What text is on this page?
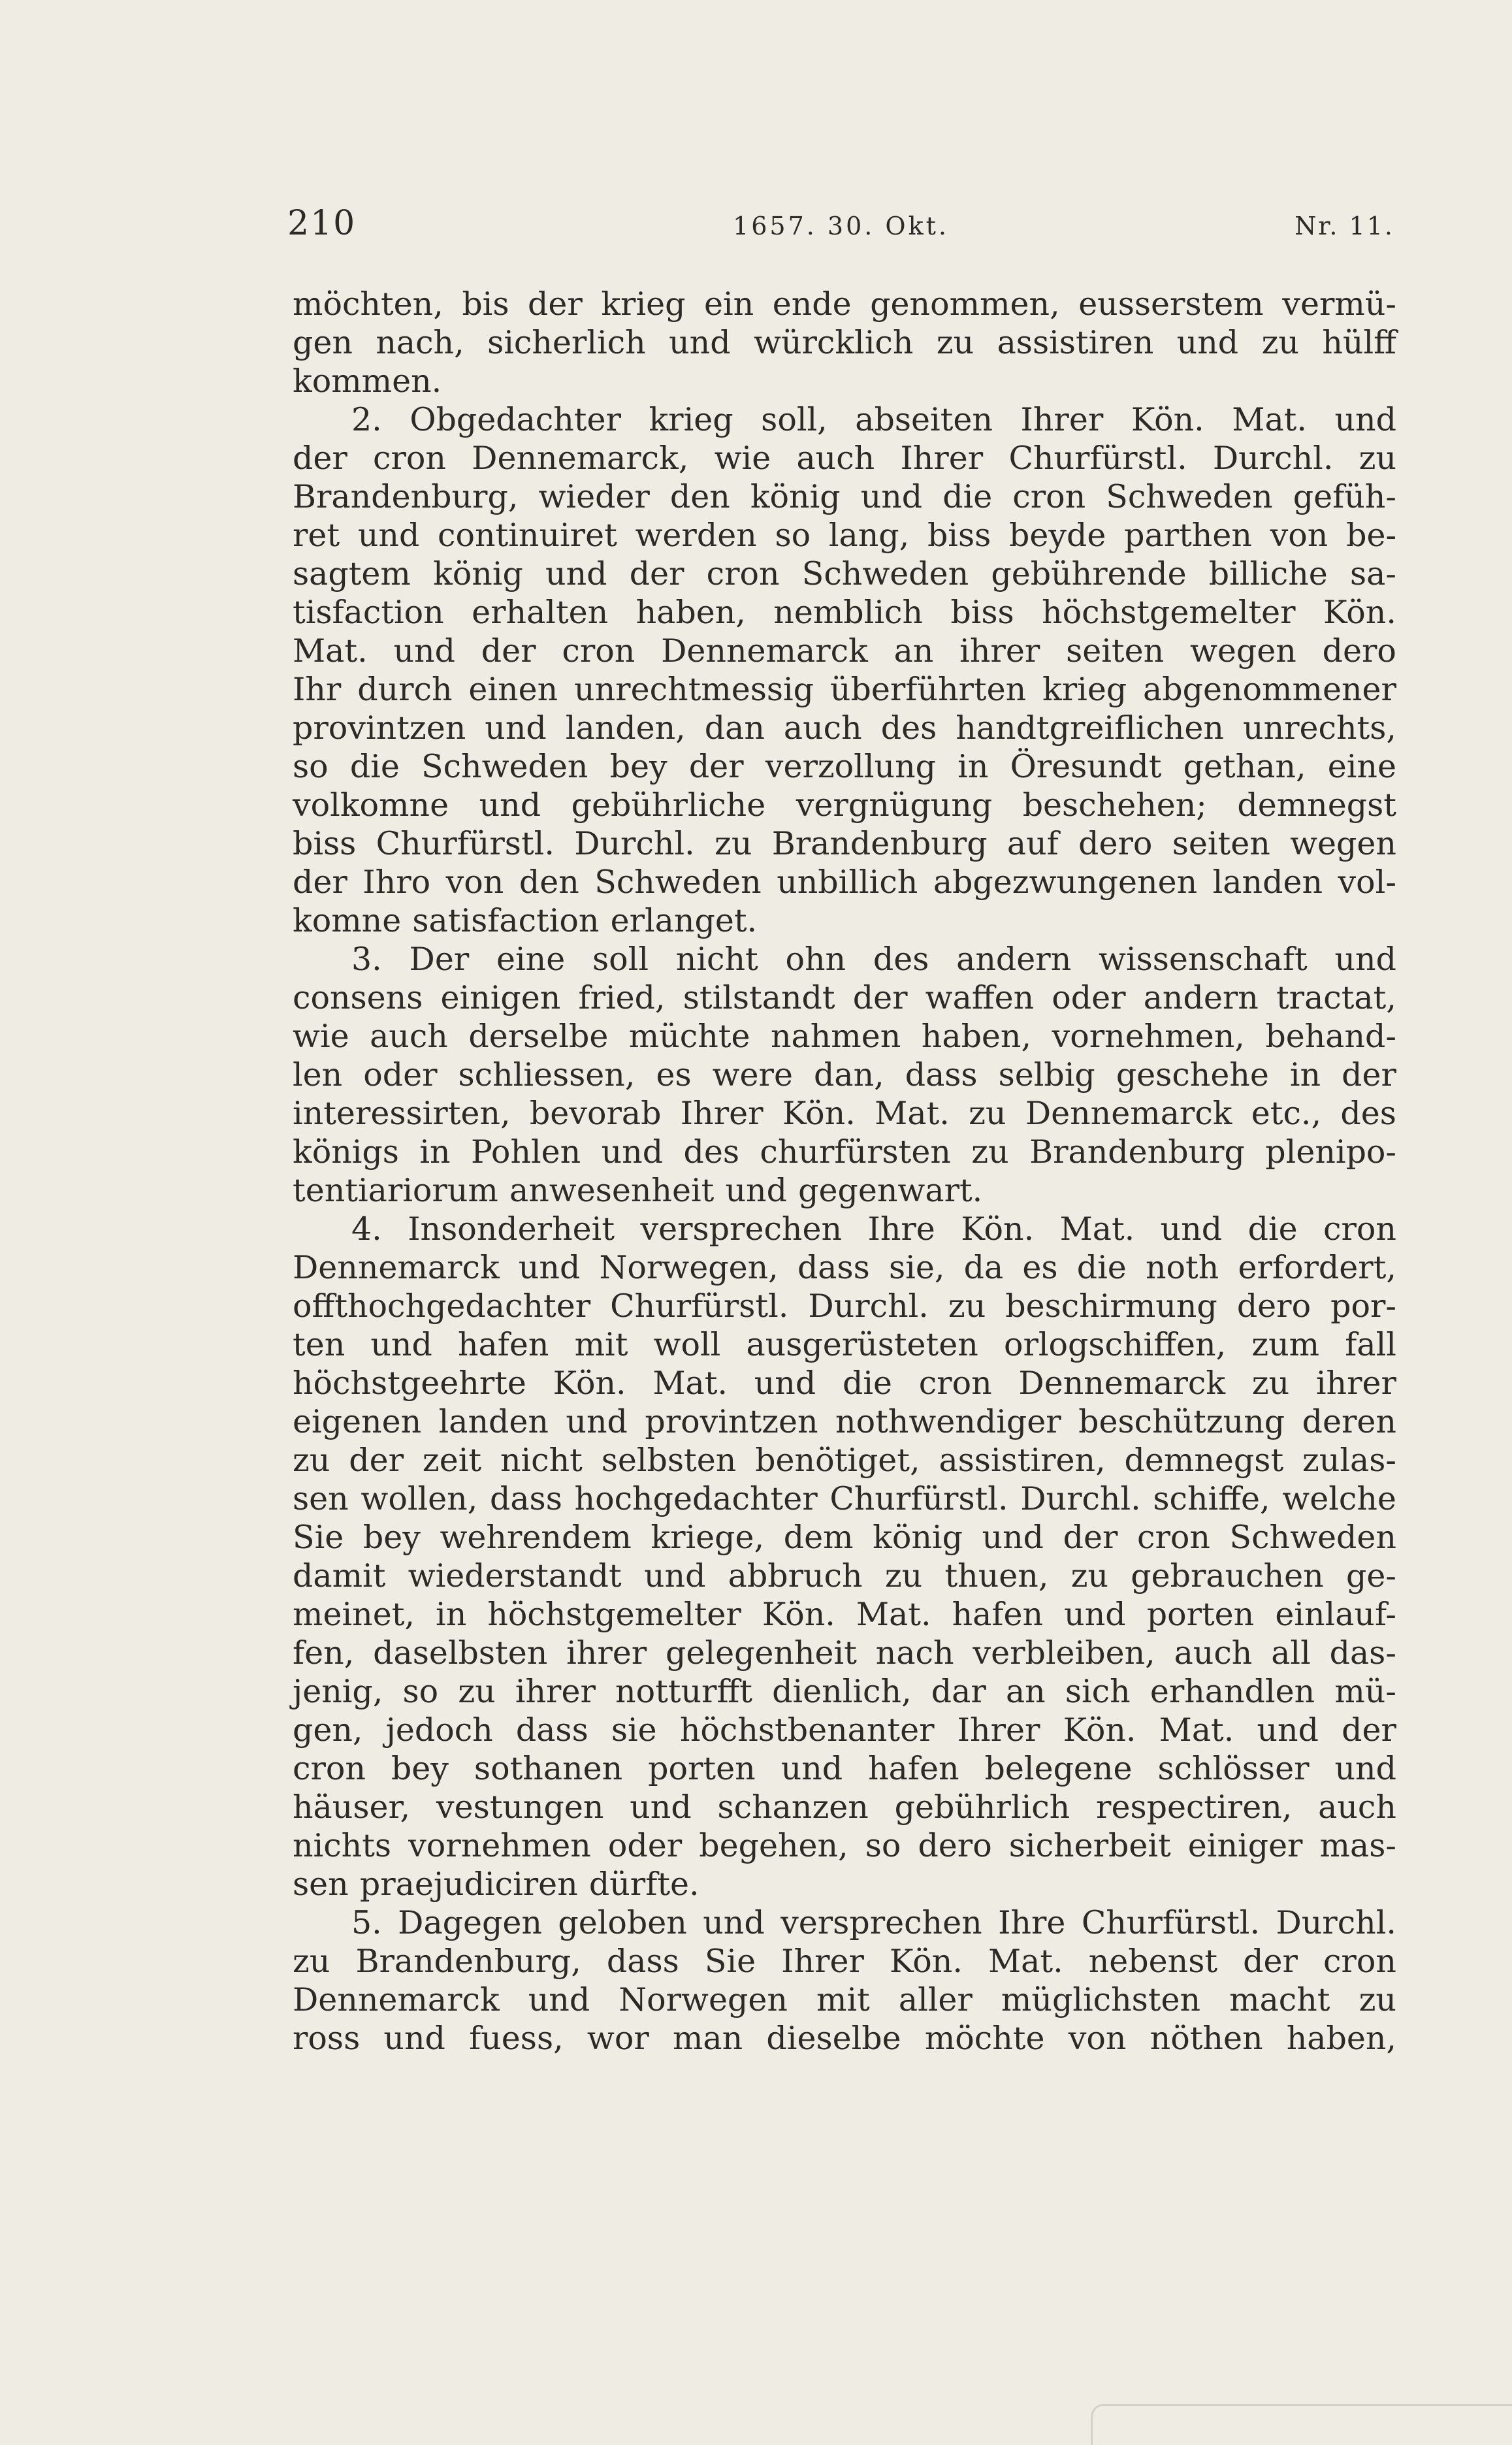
210	1657. 30. Okt.	Nr. 11.
möchten, bis der krieg ein ende genommen, eusserstem vermü-
gen nach, sicherlich und würcklich zu assistiren und zu hülff
kommen.
2. Obgedachter krieg soll, abseiten Ihrer Kön. Mat. und
der cron Dennemarck, wie auch Ihrer Churfürstl. Durchl. zu
Brandenburg, wieder den könig und die cron Schweden gefüh-
ret und continuiret werden so lang, biss beyde parthen von be-
sagtem könig und der cron Schweden gebührende billiche sa-
tisfaction erhalten haben, nemblich biss höchstgemelter Kön.
Mat. und der cron Dennemarck an ihrer seiten wegen dero
Ihr durch einen unrechtmessig überführten krieg abgenommener
provintzen und landen, dan auch des handtgreiflichen unrechts,
so die Schweden bey der verzollung in Öresundt gethan, eine
volkomne und gebührliche vergnügung beschehen; demnegst
biss Churfürstl. Durchl. zu Brandenburg auf dero seiten wegen
der Ihro von den Schweden unbillich abgezwungenen landen vol-
komne satisfaction erlanget.
3. Der eine soll nicht ohn des andern wissenschaft und
consens einigen fried, stilstandt der waffen oder andern tractat,
wie auch derselbe müchte nahmen haben, vornehmen, behand-
len oder schliessen, es were dan, dass selbig geschehe in der
interessirten, bevorab Ihrer Kön. Mat. zu Dennemarck etc., des
königs in Pohlen und des churfürsten zu Brandenburg plenipo-
tentiariorum anwesenheit und gegenwart.
4. Insonderheit versprechen Ihre Kön. Mat. und die cron
Dennemarck und Norwegen, dass sie, da es die noth erfordert,
offthochgedachter Churfürstl. Durchl. zu beschirmung dero por-
ten und hafen mit woll ausgerüsteten orlogschiffen, zum fall
höchstgeehrte Kön. Mat. und die cron Dennemarck zu ihrer
eigenen landen und provintzen nothwendiger beschützung deren
zu der zeit nicht selbsten benötiget, assistiren, demnegst zulas-
sen wollen, dass hochgedachter Churfürstl. Durchl. schiffe, welche
Sie bey wehrendem kriege, dem könig und der cron Schweden
damit wiederstandt und abbruch zu thuen, zu gebrauchen ge-
meinet, in höchstgemelter Kön. Mat. hafen und porten einlauf-
fen, daselbsten ihrer gelegenheit nach verbleiben, auch all das-
jenig, so zu ihrer notturfft dienlich, dar an sich erhandlen mü-
gen, jedoch dass sie höchstbenanter Ihrer Kön. Mat. und der
cron bey sothanen porten und hafen belegene schlösser und
häuser, vestungen und schanzen gebührlich respectiren, auch
nichts vornehmen oder begehen, so dero sicherbeit einiger mas-
sen praejudiciren dürfte.
5. Dagegen geloben und versprechen Ihre Churfürstl. Durchl.
zu Brandenburg, dass Sie Ihrer Kön. Mat. nebenst der cron
Dennemarck und Norwegen mit aller müglichsten macht zu
ross und fuess, wor man dieselbe möchte von nöthen haben,
